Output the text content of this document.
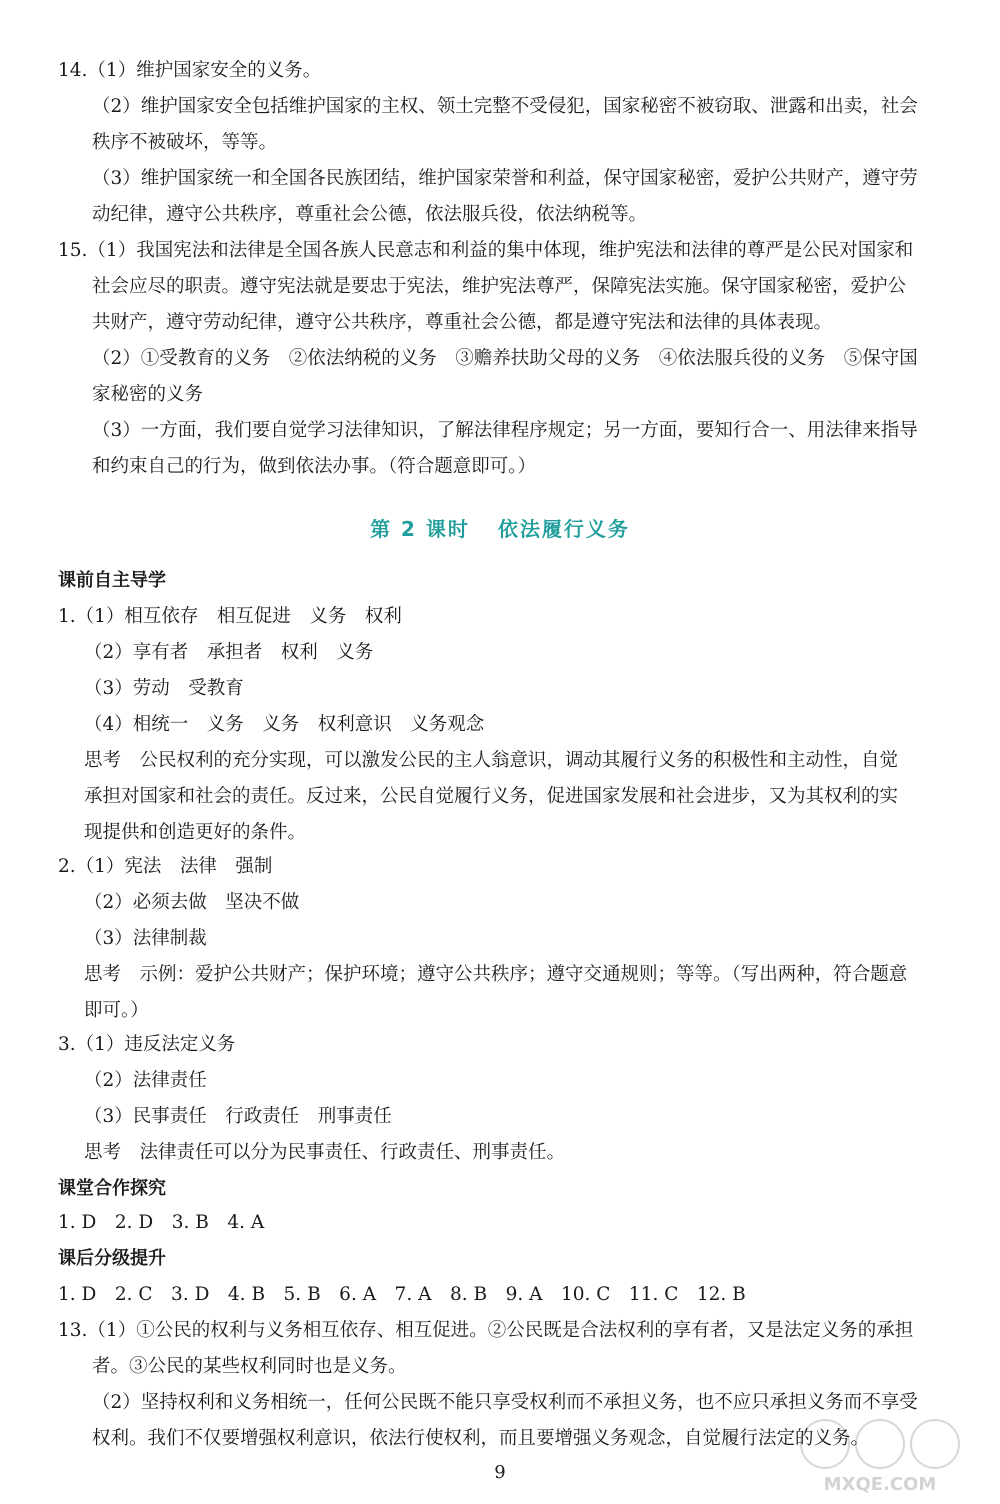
第 2 课时 依法履行义务
9
MXQE.COM
14.（1）维护国家安全的义务。
（2）维护国家安全包括维护国家的主权、领土完整不受侵犯，国家秘密不被窃取、泄露和出卖，社会
秩序不被破坏，等等。
（3）维护国家统一和全国各民族团结，维护国家荣誉和利益，保守国家秘密，爱护公共财产，遵守劳
动纪律，遵守公共秩序，尊重社会公德，依法服兵役，依法纳税等。
15.（1）我国宪法和法律是全国各族人民意志和利益的集中体现，维护宪法和法律的尊严是公民对国家和
社会应尽的职责。遵守宪法就是要忠于宪法，维护宪法尊严，保障宪法实施。保守国家秘密，爱护公
共财产，遵守劳动纪律，遵守公共秩序，尊重社会公德，都是遵守宪法和法律的具体表现。
（2）①受教育的义务　②依法纳税的义务　③赡养扶助父母的义务　④依法服兵役的义务　⑤保守国
家秘密的义务
（3）一方面，我们要自觉学习法律知识，了解法律程序规定；另一方面，要知行合一、用法律来指导
和约束自己的行为，做到依法办事。（符合题意即可。）
课前自主导学
1.（1）相互依存　相互促进　义务　权利
（2）享有者　承担者　权利　义务
（3）劳动　受教育
（4）相统一　义务　义务　权利意识　义务观念
思考　公民权利的充分实现，可以激发公民的主人翁意识，调动其履行义务的积极性和主动性，自觉
承担对国家和社会的责任。反过来，公民自觉履行义务，促进国家发展和社会进步，又为其权利的实
现提供和创造更好的条件。
2.（1）宪法　法律　强制
（2）必须去做　坚决不做
（3）法律制裁
思考　示例：爱护公共财产；保护环境；遵守公共秩序；遵守交通规则；等等。（写出两种，符合题意
即可。）
3.（1）违反法定义务
（2）法律责任
（3）民事责任　行政责任　刑事责任
思考　法律责任可以分为民事责任、行政责任、刑事责任。
课堂合作探究
1. D　2. D　3. B　4. A
课后分级提升
1. D　2. C　3. D　4. B　5. B　6. A　7. A　8. B　9. A　10. C　11. C　12. B
13.（1）①公民的权利与义务相互依存、相互促进。②公民既是合法权利的享有者，又是法定义务的承担
者。③公民的某些权利同时也是义务。
（2）坚持权利和义务相统一，任何公民既不能只享受权利而不承担义务，也不应只承担义务而不享受
权利。我们不仅要增强权利意识，依法行使权利，而且要增强义务观念，自觉履行法定的义务。
